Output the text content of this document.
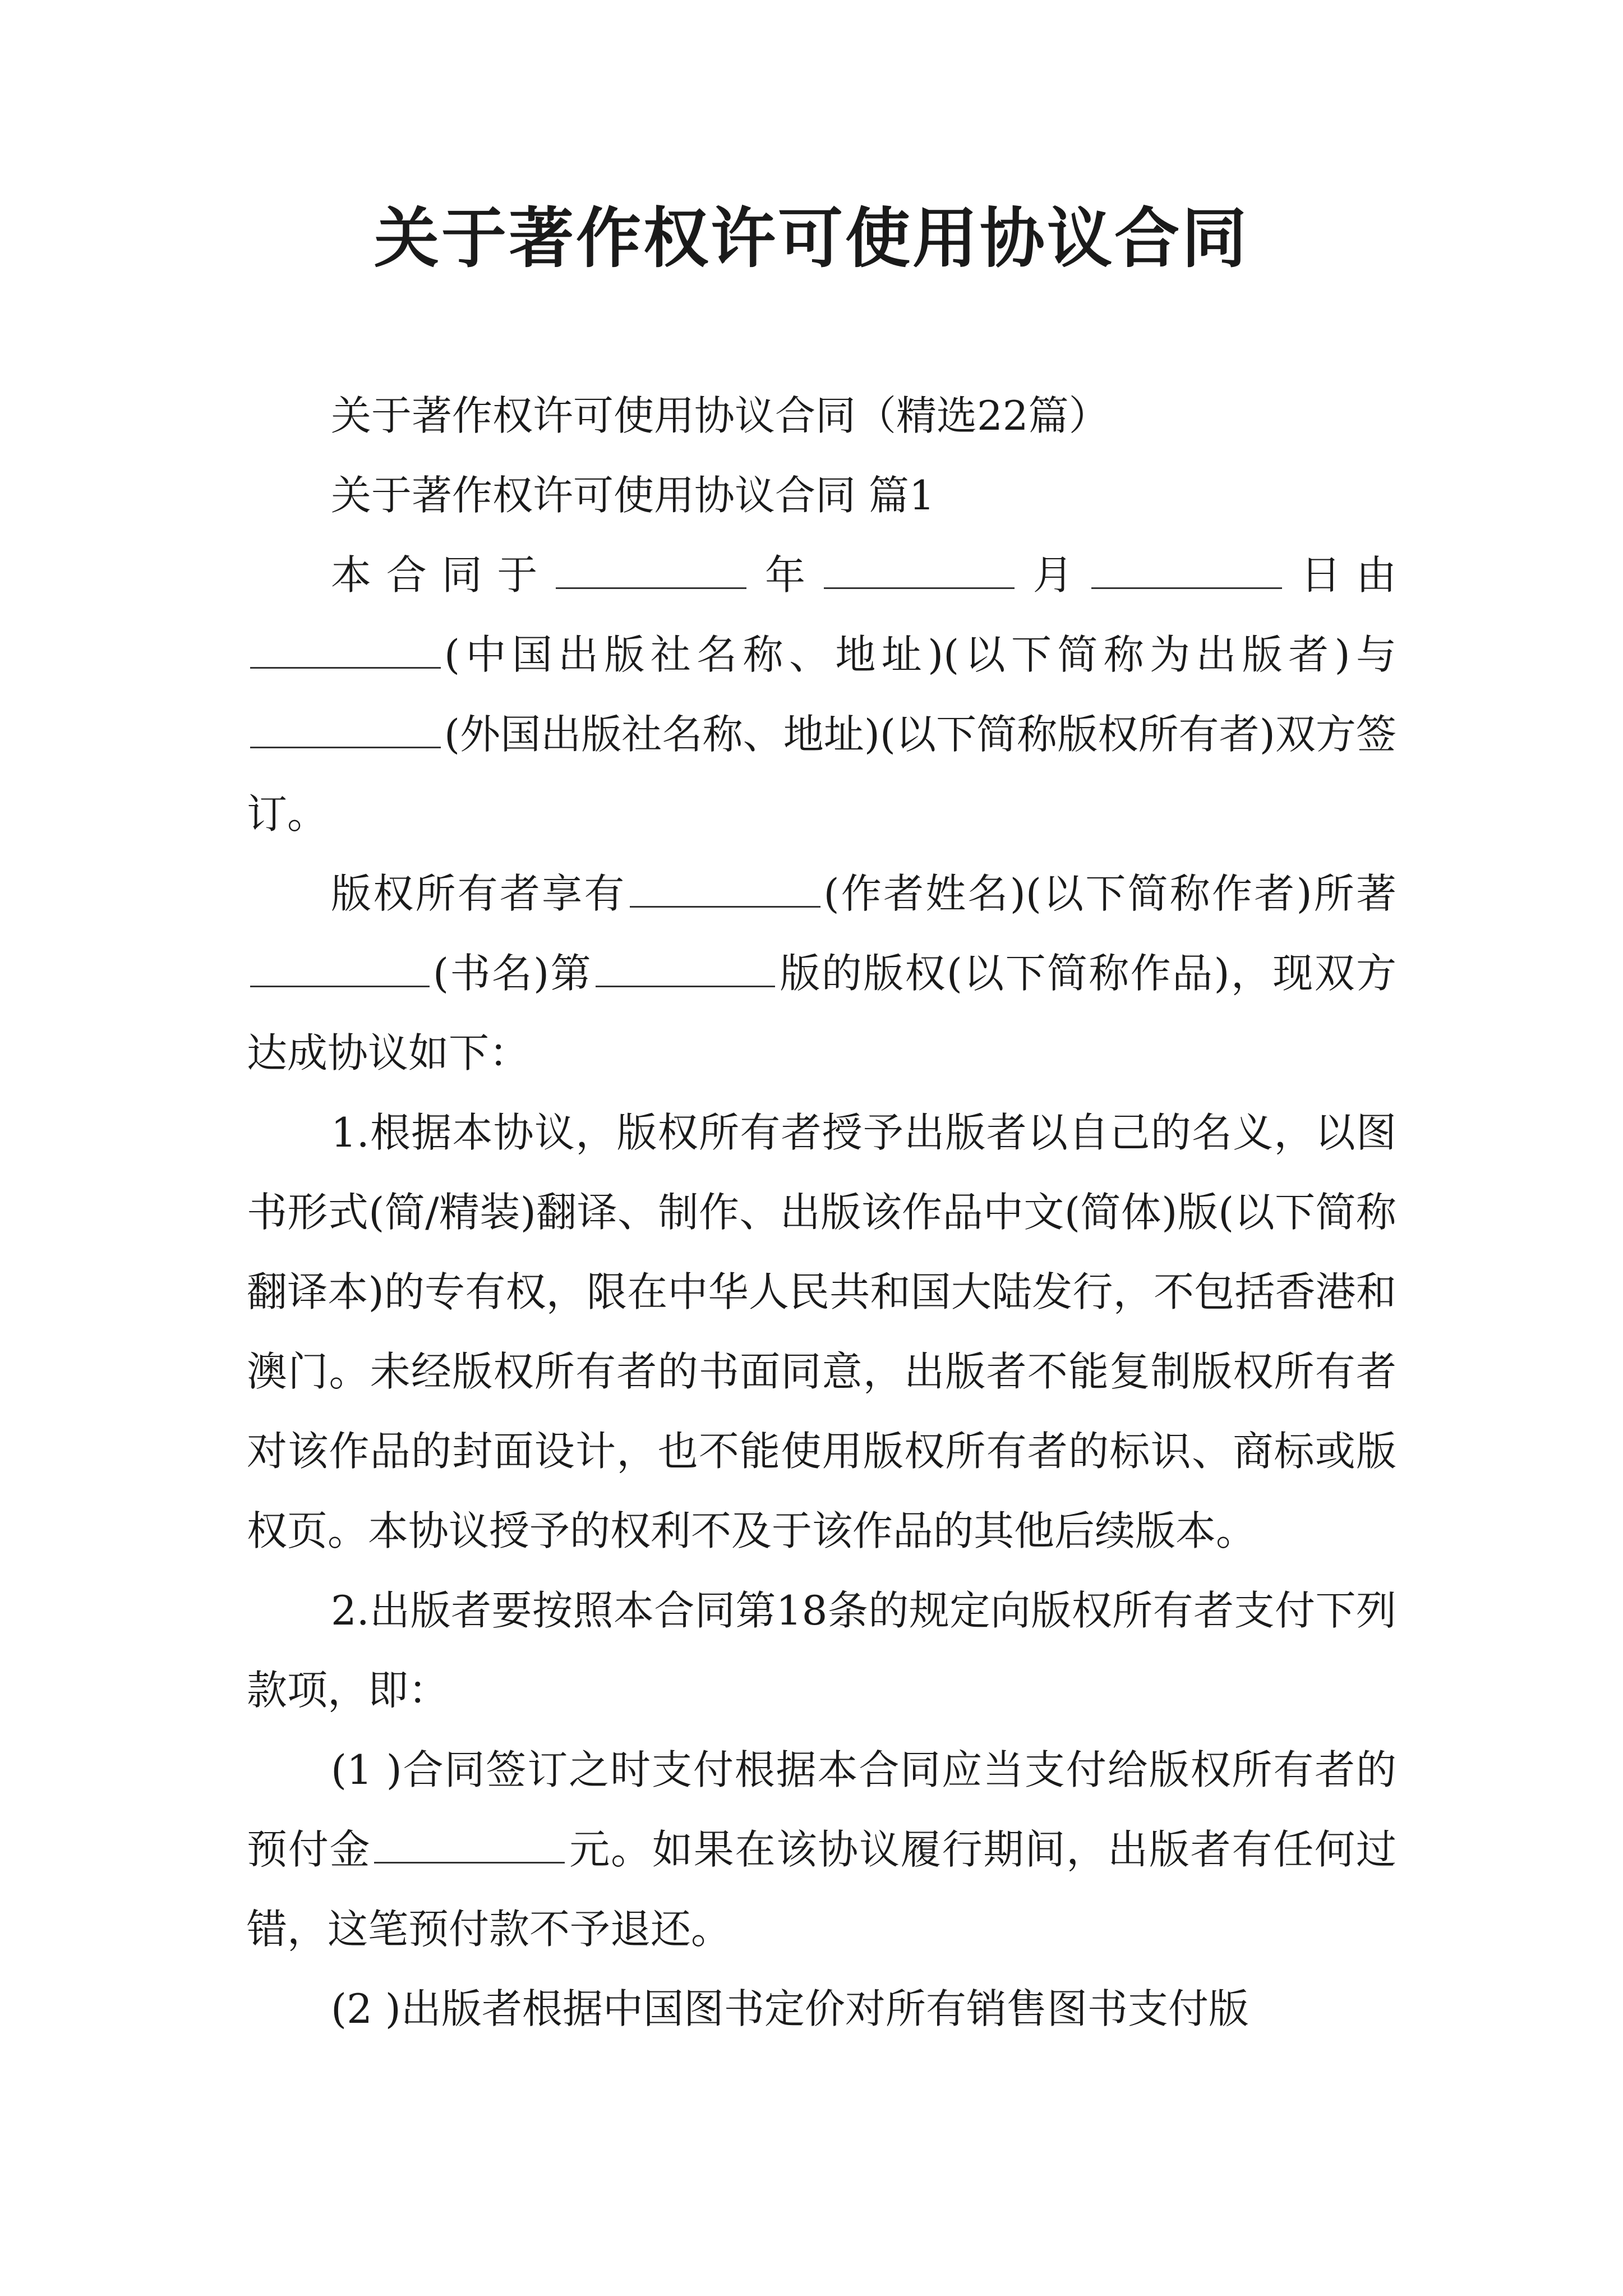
关于著作权许可使用协议合同

关于著作权许可使用协议合同（精选22篇）

关于著作权许可使用协议合同 篇1

本合同于	年	月	日由(中国出版社名称、地址)(以下简称为出版者)与(外国出版社名称、地址)(以下简称版权所有者)双方签订。

版权所有者享有	(作者姓名)(以下简称作者)所著(书名)第	版的版权(以下简称作品)，现双方达成协议如下：

1.根据本协议，版权所有者授予出版者以自己的名义，以图书形式(简/精装)翻译、制作、出版该作品中文(简体)版(以下简称翻译本)的专有权，限在中华人民共和国大陆发行，不包括香港和澳门。未经版权所有者的书面同意，出版者不能复制版权所有者对该作品的封面设计，也不能使用版权所有者的标识、商标或版权页。本协议授予的权利不及于该作品的其他后续版本。

2.出版者要按照本合同第18条的规定向版权所有者支付下列款项，即：

(1 )合同签订之时支付根据本合同应当支付给版权所有者的预付金	元。如果在该协议履行期间，出版者有任何过错，这笔预付款不予退还。

(2 )出版者根据中国图书定价对所有销售图书支付版
